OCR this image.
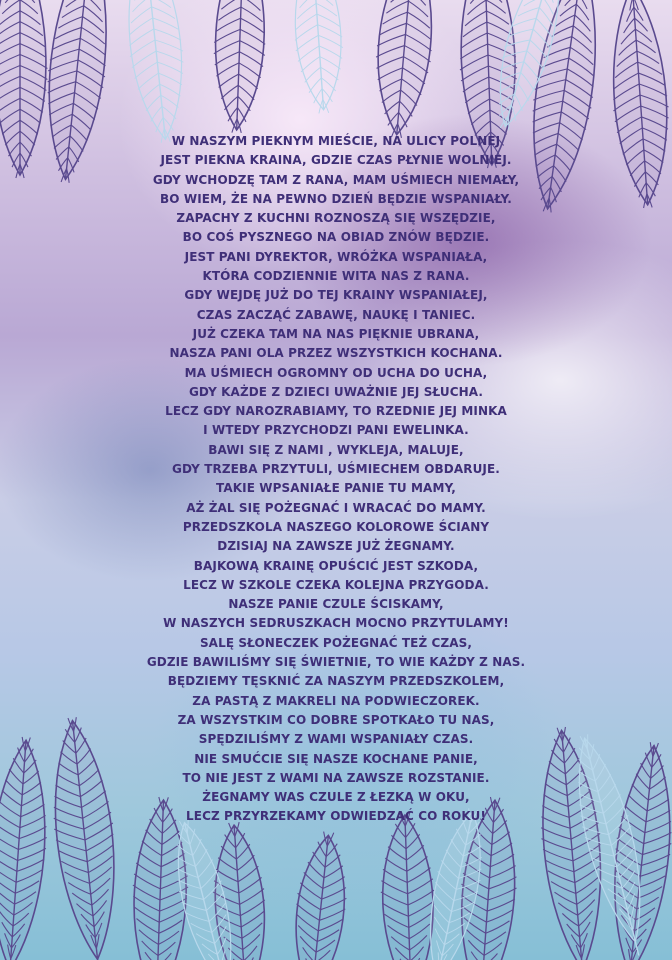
W NASZYM PIEKNYM MIEŚCIE, NA ULICY POLNEJ
JEST PIEKNA KRAINA, GDZIE CZAS PŁYNIE WOLNIEJ.
GDY WCHODZĘ TAM Z RANA, MAM UŚMIECH NIEMAŁY,
BO WIEM, ŻE NA PEWNO DZIEŃ BĘDZIE WSPANIAŁY.
ZAPACHY Z KUCHNI ROZNOSZĄ SIĘ WSZĘDZIE,
BO COŚ PYSZNEGO NA OBIAD ZNÓW BĘDZIE.
JEST PANI DYREKTOR, WRÓŻKA WSPANIAŁA,
KTÓRA CODZIENNIE WITA NAS Z RANA.
GDY WEJDĘ JUŻ DO TEJ KRAINY WSPANIAŁEJ,
CZAS ZACZĄĆ ZABAWĘ, NAUKĘ I TANIEC.
JUŻ CZEKA TAM NA NAS PIĘKNIE UBRANA,
NASZA PANI OLA PRZEZ WSZYSTKICH KOCHANA.
MA UŚMIECH OGROMNY OD UCHA DO UCHA,
GDY KAŻDE Z DZIECI UWAŻNIE JEJ SŁUCHA.
LECZ GDY NAROZRABIAMY, TO RZEDNIE JEJ MINKA
I WTEDY PRZYCHODZI PANI EWELINKA.
BAWI SIĘ Z NAMI , WYKLEJA, MALUJE,
GDY TRZEBA PRZYTULI, UŚMIECHEM OBDARUJE.
TAKIE WPSANIAŁE PANIE TU MAMY,
AŻ ŻAL SIĘ POŻEGNAĆ I WRACAĆ DO MAMY.
PRZEDSZKOLA NASZEGO KOLOROWE ŚCIANY
DZISIAJ NA ZAWSZE JUŻ ŻEGNAMY.
BAJKOWĄ KRAINĘ OPUŚCIĆ JEST SZKODA,
LECZ W SZKOLE CZEKA KOLEJNA PRZYGODA.
NASZE PANIE CZULE ŚCISKAMY,
W NASZYCH SEDRUSZKACH MOCNO PRZYTULAMY!
SALĘ SŁONECZEK POŻEGNAĆ TEŻ CZAS,
GDZIE BAWILIŚMY SIĘ ŚWIETNIE, TO WIE KAŻDY Z NAS.
BĘDZIEMY TĘSKNIĆ ZA NASZYM PRZEDSZKOLEM,
ZA PASTĄ Z MAKRELI NA PODWIECZOREK.
ZA WSZYSTKIM CO DOBRE SPOTKAŁO TU NAS,
SPĘDZILIŚMY Z WAMI WSPANIAŁY CZAS.
NIE SMUĆCIE SIĘ NASZE KOCHANE PANIE,
TO NIE JEST Z WAMI NA ZAWSZE ROZSTANIE.
ŻEGNAMY WAS CZULE Z ŁEZKĄ W OKU,
LECZ PRZYRZEKAMY ODWIEDZAĆ CO ROKU!
